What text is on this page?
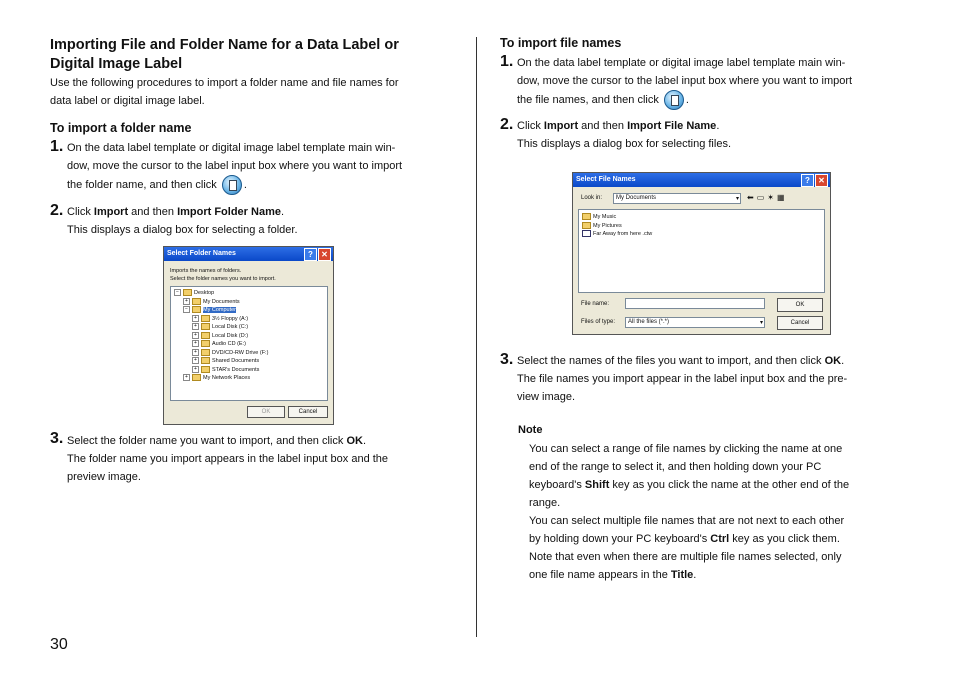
Importing File and Folder Name for a Data Label or
Digital Image Label
Use the following procedures to import a folder name and file names for
data label or digital image label.
To import a folder name
1. On the data label template or digital image label template main win-
dow, move the cursor to the label input box where you want to import
the folder name, and then click .
2. Click Import and then Import Folder Name.
This displays a dialog box for selecting a folder.
Select Folder Names	? ✕
Imports the names of folders.
Select the folder names you want to import.
−	Desktop
+	My Documents
−	My Computer
+	3½ Floppy (A:)
+	Local Disk (C:)
+	Local Disk (D:)
+	Audio CD (E:)
+	DVD/CD-RW Drive (F:)
+	Shared Documents
+	STAR's Documents
+	My Network Places
OK	Cancel
3. Select the folder name you want to import, and then click OK.
The folder name you import appears in the label input box and the
preview image.
30
To import file names
1. On the data label template or digital image label template main win-
dow, move the cursor to the label input box where you want to import
the file names, and then click .
2. Click Import and then Import File Name.
This displays a dialog box for selecting files.
Select File Names	? ✕
Look in:	My Documents	▾ ⬅▭✶▦
My Music
My Pictures
Far Away from here .ctw
File name:
Files of type:	All the files (*.*)	▾
OK
Cancel
3. Select the names of the files you want to import, and then click OK.
The file names you import appear in the label input box and the pre-
view image.
Note
You can select a range of file names by clicking the name at one
end of the range to select it, and then holding down your PC
keyboard's Shift key as you click the name at the other end of the
range.
You can select multiple file names that are not next to each other
by holding down your PC keyboard's Ctrl key as you click them.
Note that even when there are multiple file names selected, only
one file name appears in the Title.
